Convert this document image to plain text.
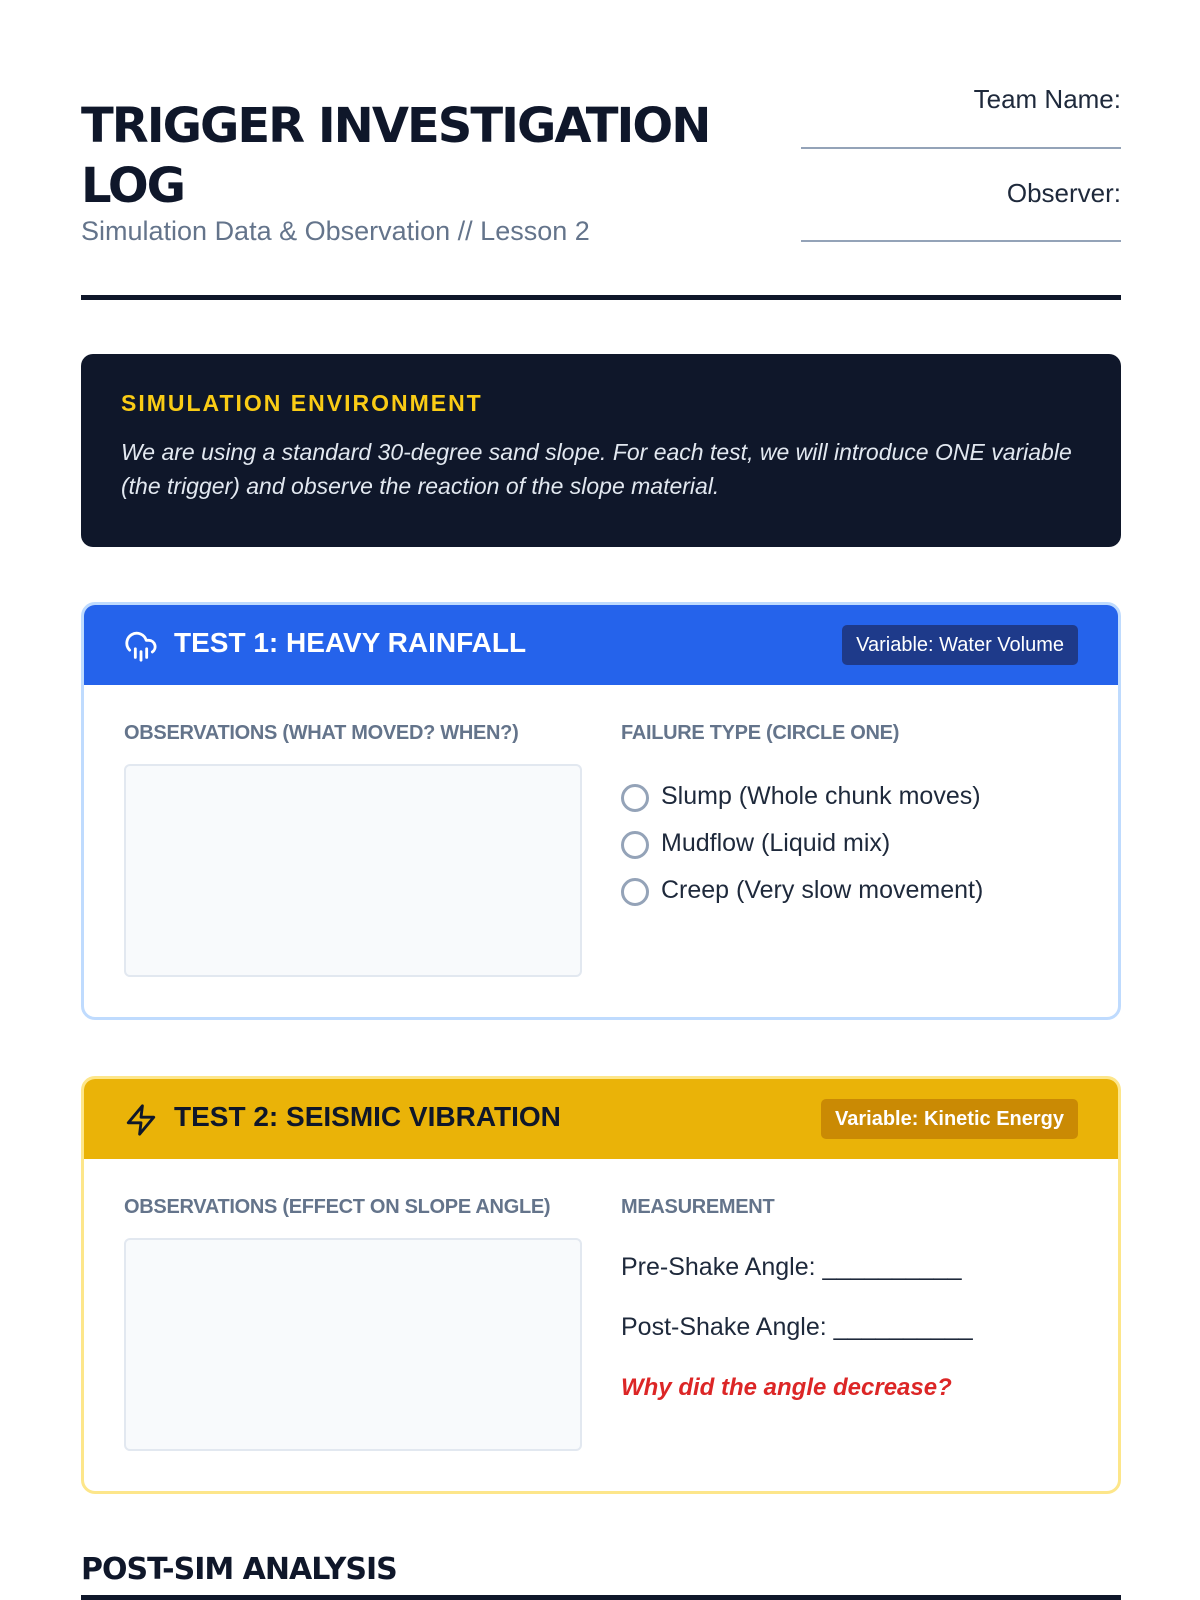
TRIGGER INVESTIGATION LOG
Simulation Data & Observation // Lesson 2
Team Name:
Observer:
SIMULATION ENVIRONMENT
We are using a standard 30-degree sand slope. For each test, we will introduce ONE variable (the trigger) and observe the reaction of the slope material.
TEST 1: HEAVY RAINFALL	Variable: Water Volume
OBSERVATIONS (WHAT MOVED? WHEN?)	FAILURE TYPE (CIRCLE ONE)
Slump (Whole chunk moves)
Mudflow (Liquid mix)
Creep (Very slow movement)
TEST 2: SEISMIC VIBRATION	Variable: Kinetic Energy
OBSERVATIONS (EFFECT ON SLOPE ANGLE)	MEASUREMENT
Pre-Shake Angle: __________
Post-Shake Angle: __________
Why did the angle decrease?
POST-SIM ANALYSIS
